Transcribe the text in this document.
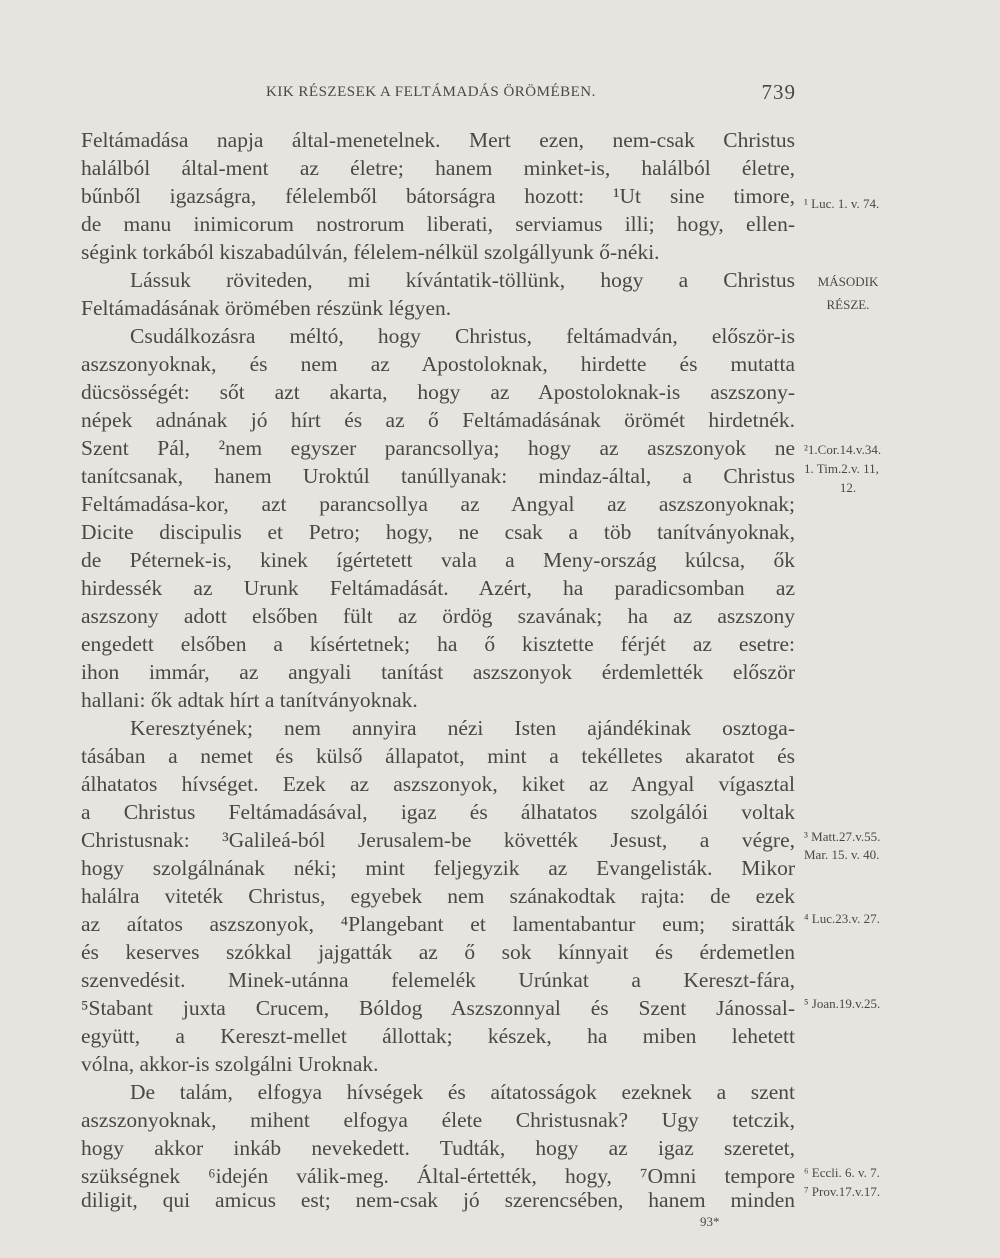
KIK RÉSZESEK A FELTÁMADÁS ÖRÖMÉBEN.	739
Feltámadása napja által-menetelnek. Mert ezen, nem-csak Christus
halálból által-ment az életre; hanem minket-is, halálból életre,
bűnből igazságra, félelemből bátorságra hozott: ¹Ut sine timore,
de manu inimicorum nostrorum liberati, serviamus illi; hogy, ellen-
ségink torkából kiszabadúlván, félelem-nélkül szolgállyunk ő-néki.
Lássuk röviteden, mi kívántatik-töllünk, hogy a Christus
Feltámadásának örömében részünk légyen.
Csudálkozásra méltó, hogy Christus, feltámadván, először-is
aszszonyoknak, és nem az Apostoloknak, hirdette és mutatta
dücsösségét: sőt azt akarta, hogy az Apostoloknak-is aszszony-
népek adnának jó hírt és az ő Feltámadásának örömét hirdetnék.
Szent Pál, ²nem egyszer parancsollya; hogy az aszszonyok ne
tanítcsanak, hanem Uroktúl tanúllyanak: mindaz-által, a Christus
Feltámadása-kor, azt parancsollya az Angyal az aszszonyoknak;
Dicite discipulis et Petro; hogy, ne csak a töb tanítványoknak,
de Péternek-is, kinek ígértetett vala a Meny-ország kúlcsa, ők
hirdessék az Urunk Feltámadását. Azért, ha paradicsomban az
aszszony adott elsőben fült az ördög szavának; ha az aszszony
engedett elsőben a kísértetnek; ha ő kisztette férjét az esetre:
ihon immár, az angyali tanítást aszszonyok érdemlették először
hallani: ők adtak hírt a tanítványoknak.
Keresztyének; nem annyira nézi Isten ajándékinak osztoga-
tásában a nemet és külső állapatot, mint a tekélletes akaratot és
álhatatos hívséget. Ezek az aszszonyok, kiket az Angyal vígasztal
a Christus Feltámadásával, igaz és álhatatos szolgálói voltak
Christusnak: ³Galileá-ból Jerusalem-be követték Jesust, a végre,
hogy szolgálnának néki; mint feljegyzik az Evangelisták. Mikor
halálra viteték Christus, egyebek nem szánakodtak rajta: de ezek
az aítatos aszszonyok, ⁴Plangebant et lamentabantur eum; siratták
és keserves szókkal jajgatták az ő sok kínnyait és érdemetlen
szenvedésit. Minek-utánna felemelék Urúnkat a Kereszt-fára,
⁵Stabant juxta Crucem, Bóldog Aszszonnyal és Szent Jánossal-
együtt, a Kereszt-mellet állottak; készek, ha miben lehetett
vólna, akkor-is szolgálni Uroknak.
De talám, elfogya hívségek és aítatosságok ezeknek a szent
aszszonyoknak, mihent elfogya élete Christusnak? Ugy tetczik,
hogy akkor inkáb nevekedett. Tudták, hogy az igaz szeretet,
szükségnek ⁶idején válik-meg. Által-értették, hogy, ⁷Omni tempore
diligit, qui amicus est; nem-csak jó szerencsében, hanem minden
¹ Luc. 1. v. 74.
MÁSODIK
RÉSZE.
²1.Cor.14.v.34.
1. Tim.2.v. 11,
12.
³ Matt.27.v.55.
Mar. 15. v. 40.
⁴ Luc.23.v. 27.
⁵ Joan.19.v.25.
⁶ Eccli. 6. v. 7.
⁷ Prov.17.v.17.
93*
